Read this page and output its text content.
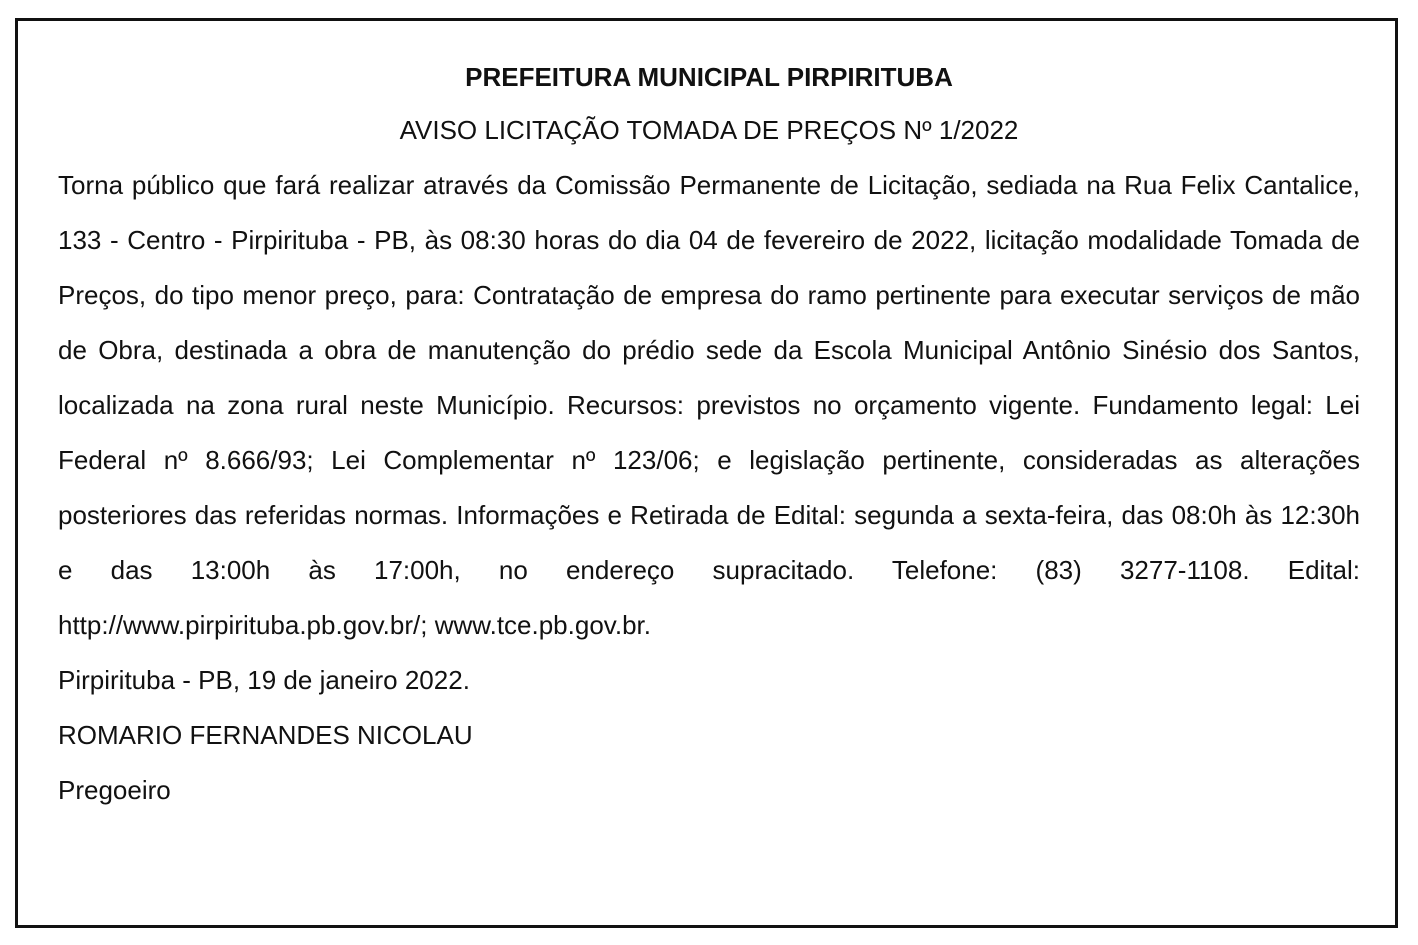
PREFEITURA MUNICIPAL PIRPIRITUBA

AVISO LICITAÇÃO TOMADA DE PREÇOS Nº 1/2022

Torna público que fará realizar através da Comissão Permanente de Licitação, sediada na Rua Felix Cantalice, 133 - Centro - Pirpirituba - PB, às 08:30 horas do dia 04 de fevereiro de 2022, licitação modalidade Tomada de Preços, do tipo menor preço, para: Contratação de empresa do ramo pertinente para executar serviços de mão de Obra, destinada a obra de manutenção do prédio sede da Escola Municipal Antônio Sinésio dos Santos, localizada na zona rural neste Município. Recursos: previstos no orçamento vigente. Fundamento legal: Lei Federal nº 8.666/93; Lei Complementar nº 123/06; e legislação pertinente, consideradas as alterações posteriores das referidas normas. Informações e Retirada de Edital: segunda a sexta-feira, das 08:0h às 12:30h e das 13:00h às 17:00h, no endereço supracitado. Telefone: (83) 3277-1108. Edital: http://www.pirpirituba.pb.gov.br/; www.tce.pb.gov.br.

Pirpirituba - PB, 19 de janeiro 2022.

ROMARIO FERNANDES NICOLAU

Pregoeiro
